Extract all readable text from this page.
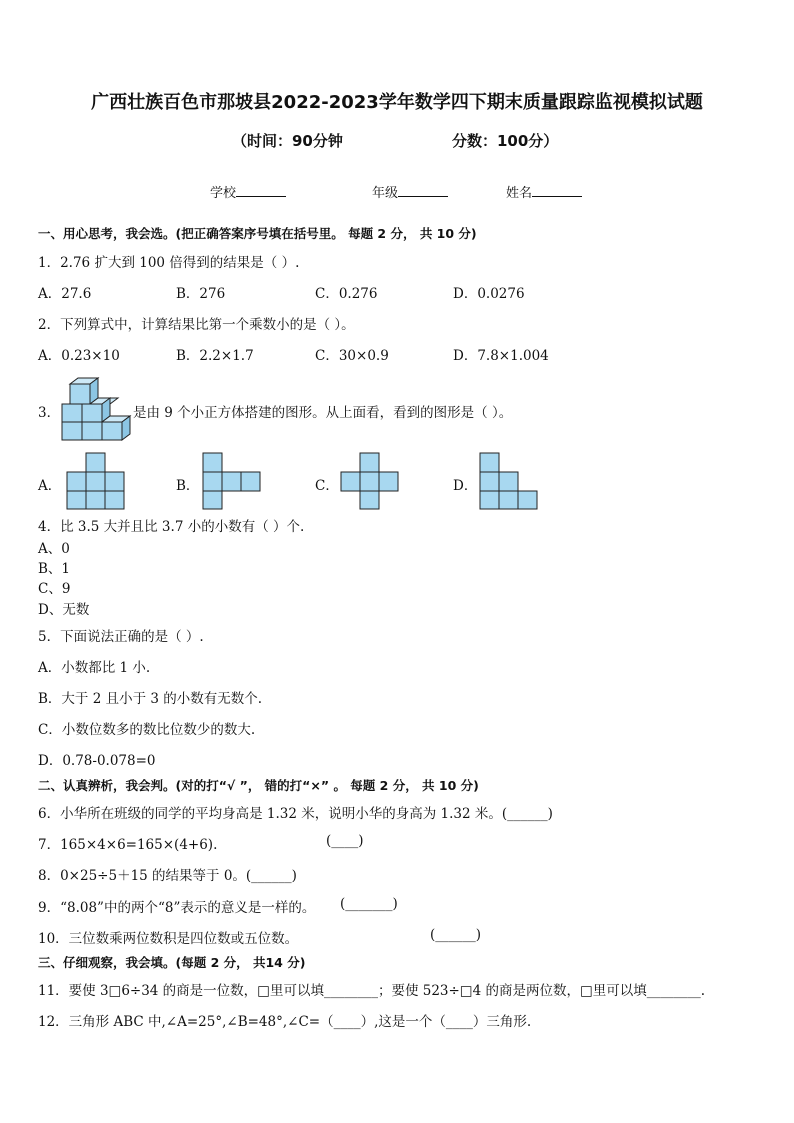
广西壮族百色市那坡县2022-2023学年数学四下期末质量跟踪监视模拟试题
（时间：90分钟	分数：100分）
学校	年级	姓名
一、用心思考，我会选。(把正确答案序号填在括号里。 每题 2 分， 共 10 分)
1．2.76 扩大到 100 倍得到的结果是（ ）.
A．27.6	B．276	C．0.276	D．0.0276
2．下列算式中，计算结果比第一个乘数小的是（ ）。
A．0.23×10	B．2.2×1.7	C．30×0.9	D．7.8×1.004
3．	是由 9 个小正方体搭建的图形。从上面看，看到的图形是（ ）。
A．	B．	C．	D．
4．比 3.5 大并且比 3.7 小的小数有（ ）个.
A、0
B、1
C、9
D、无数
5．下面说法正确的是（ ）.
A．小数都比 1 小.
B．大于 2 且小于 3 的小数有无数个.
C．小数位数多的数比位数少的数大.
D．0.78-0.078=0
二、认真辨析，我会判。(对的打“√ ”， 错的打“×” 。 每题 2 分， 共 10 分)
6．小华所在班级的同学的平均身高是 1.32 米，说明小华的身高为 1.32 米。(______)
7．165×4×6=165×(4+6).	(____)
8．0×25÷5＋15 的结果等于 0。(______)
9．“8.08”中的两个“8”表示的意义是一样的。 (_______)
10．三位数乘两位数积是四位数或五位数。	(______)
三、仔细观察，我会填。(每题 2 分， 共14 分)
11．要使 3□6÷34 的商是一位数，□里可以填________；要使 523÷□4 的商是两位数，□里可以填________.
12．三角形 ABC 中,∠A=25°,∠B=48°,∠C=（____）,这是一个（____）三角形.
